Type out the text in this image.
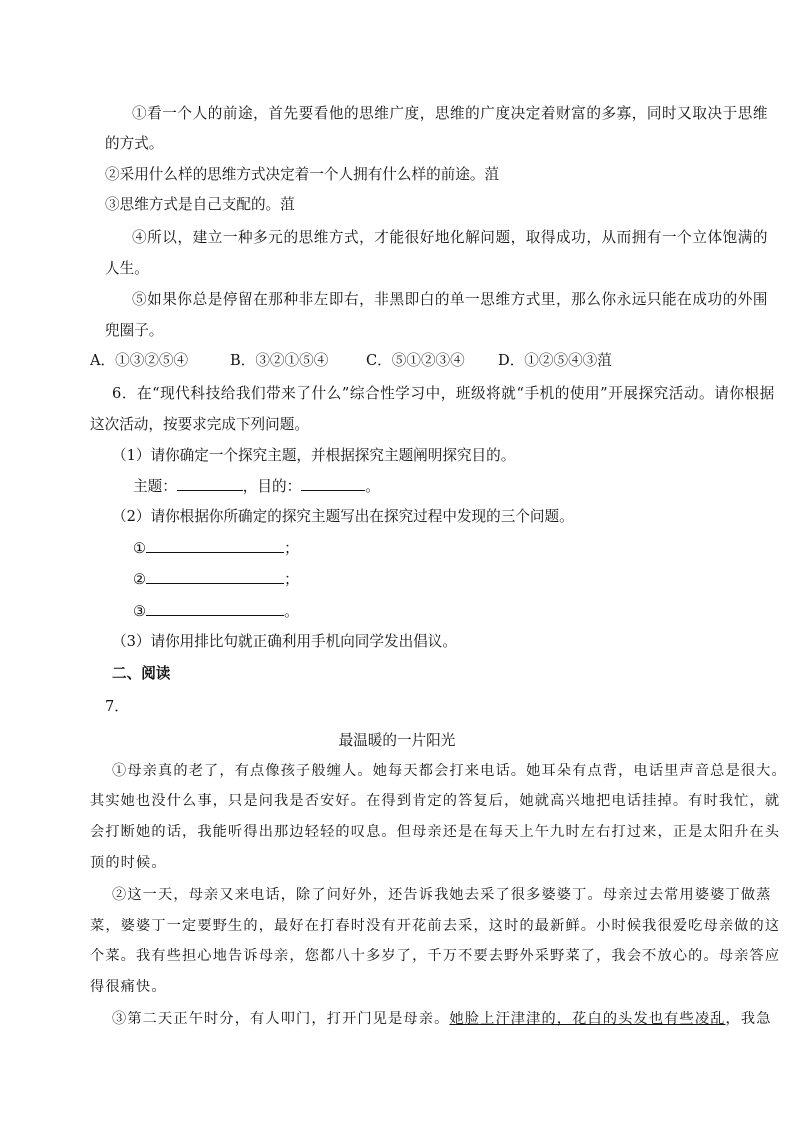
①看一个人的前途，首先要看他的思维广度，思维的广度决定着财富的多寡，同时又取决于思维
的方式。
②采用什么样的思维方式决定着一个人拥有什么样的前途。菹
③思维方式是自己支配的。菹
④所以，建立一种多元的思维方式，才能很好地化解问题，取得成功，从而拥有一个立体饱满的
人生。
⑤如果你总是停留在那种非左即右，非黑即白的单一思维方式里，那么你永远只能在成功的外围
兜圈子。
A．①③②⑤④	B．③②①⑤④	C．⑤①②③④ D．①②⑤④③菹
6．在“现代科技给我们带来了什么”综合性学习中，班级将就“手机的使用”开展探究活动。请你根据
这次活动，按要求完成下列问题。
（1）请你确定一个探究主题，并根据探究主题阐明探究目的。
主题：	，目的：	。
（2）请你根据你所确定的探究主题写出在探究过程中发现的三个问题。
①	；
②	；
③	。
（3）请你用排比句就正确利用手机向同学发出倡议。
二、阅读
7．
最温暖的一片阳光
①母亲真的老了，有点像孩子般缠人。她每天都会打来电话。她耳朵有点背，电话里声音总是很大。
其实她也没什么事，只是问我是否安好。在得到肯定的答复后，她就高兴地把电话挂掉。有时我忙，就
会打断她的话，我能听得出那边轻轻的叹息。但母亲还是在每天上午九时左右打过来，正是太阳升在头
顶的时候。
②这一天，母亲又来电话，除了问好外，还告诉我她去采了很多婆婆丁。母亲过去常用婆婆丁做蒸
菜，婆婆丁一定要野生的，最好在打春时没有开花前去采，这时的最新鲜。小时候我很爱吃母亲做的这
个菜。我有些担心地告诉母亲，您都八十多岁了，千万不要去野外采野菜了，我会不放心的。母亲答应
得很痛快。
③第二天正午时分，有人叩门，打开门见是母亲。她脸上汗津津的，花白的头发也有些凌乱，我急
